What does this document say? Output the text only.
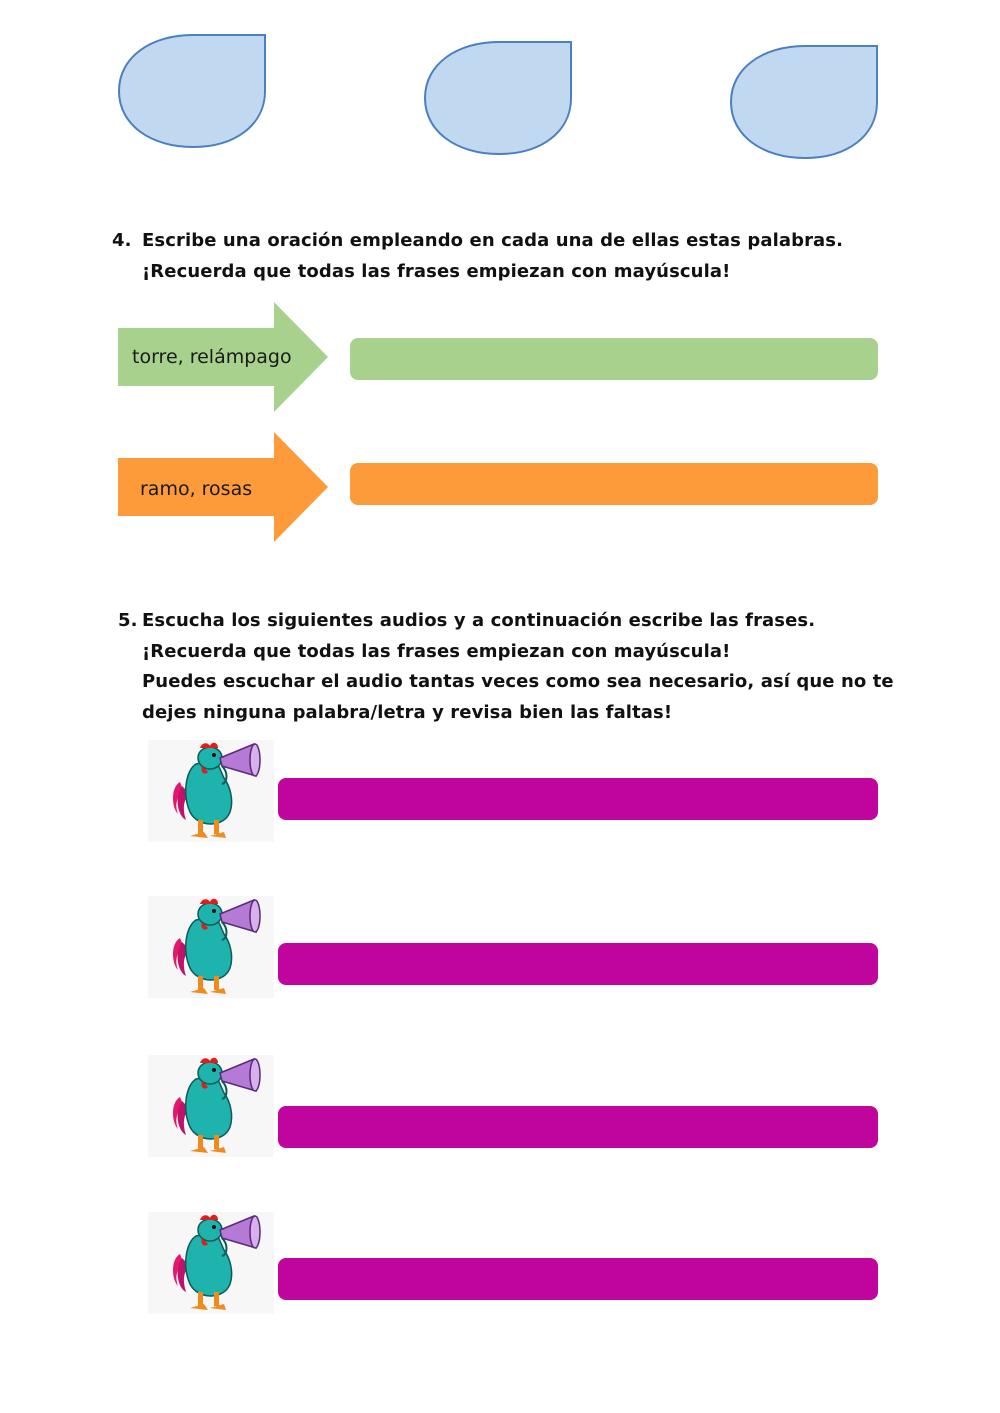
4. Escribe una oración empleando en cada una de ellas estas palabras.
¡Recuerda que todas las frases empiezan con mayúscula!
torre, relámpago
ramo, rosas
5. Escucha los siguientes audios y a continuación escribe las frases.
¡Recuerda que todas las frases empiezan con mayúscula!
Puedes escuchar el audio tantas veces como sea necesario, así que no te
dejes ninguna palabra/letra y revisa bien las faltas!
